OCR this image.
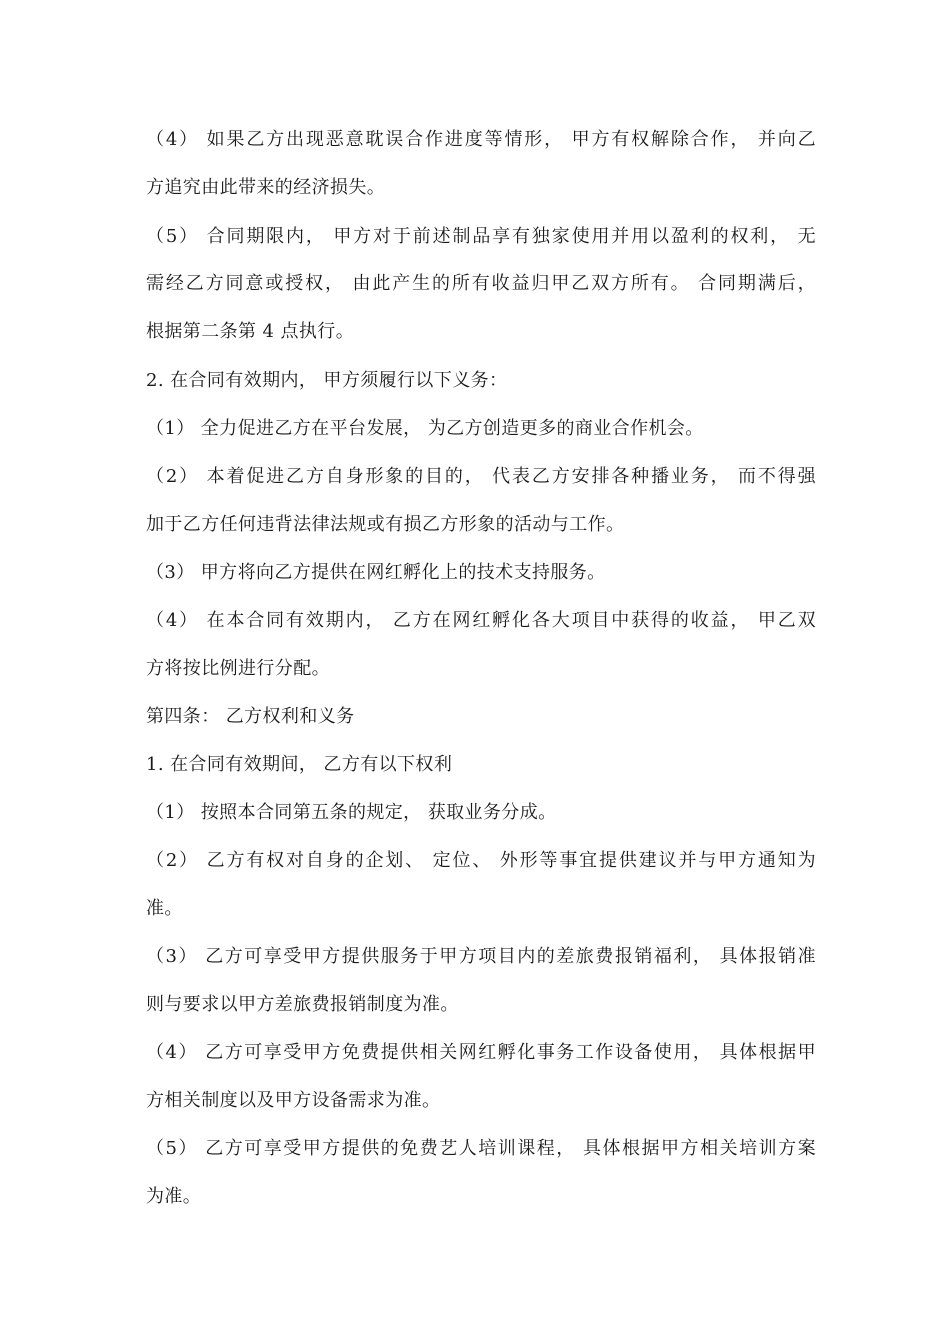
（4） 如果乙方出现恶意耽误合作进度等情形， 甲方有权解除合作， 并向乙
方追究由此带来的经济损失。
（5） 合同期限内， 甲方对于前述制品享有独家使用并用以盈利的权利， 无
需经乙方同意或授权， 由此产生的所有收益归甲乙双方所有。 合同期满后，
根据第二条第 4 点执行。
2. 在合同有效期内， 甲方须履行以下义务：
（1） 全力促进乙方在平台发展， 为乙方创造更多的商业合作机会。
（2） 本着促进乙方自身形象的目的， 代表乙方安排各种播业务， 而不得强
加于乙方任何违背法律法规或有损乙方形象的活动与工作。
（3） 甲方将向乙方提供在网红孵化上的技术支持服务。
（4） 在本合同有效期内， 乙方在网红孵化各大项目中获得的收益， 甲乙双
方将按比例进行分配。
第四条： 乙方权利和义务
1. 在合同有效期间， 乙方有以下权利
（1） 按照本合同第五条的规定， 获取业务分成。
（2） 乙方有权对自身的企划、 定位、 外形等事宜提供建议并与甲方通知为
准。
（3） 乙方可享受甲方提供服务于甲方项目内的差旅费报销福利， 具体报销准
则与要求以甲方差旅费报销制度为准。
（4） 乙方可享受甲方免费提供相关网红孵化事务工作设备使用， 具体根据甲
方相关制度以及甲方设备需求为准。
（5） 乙方可享受甲方提供的免费艺人培训课程， 具体根据甲方相关培训方案
为准。
